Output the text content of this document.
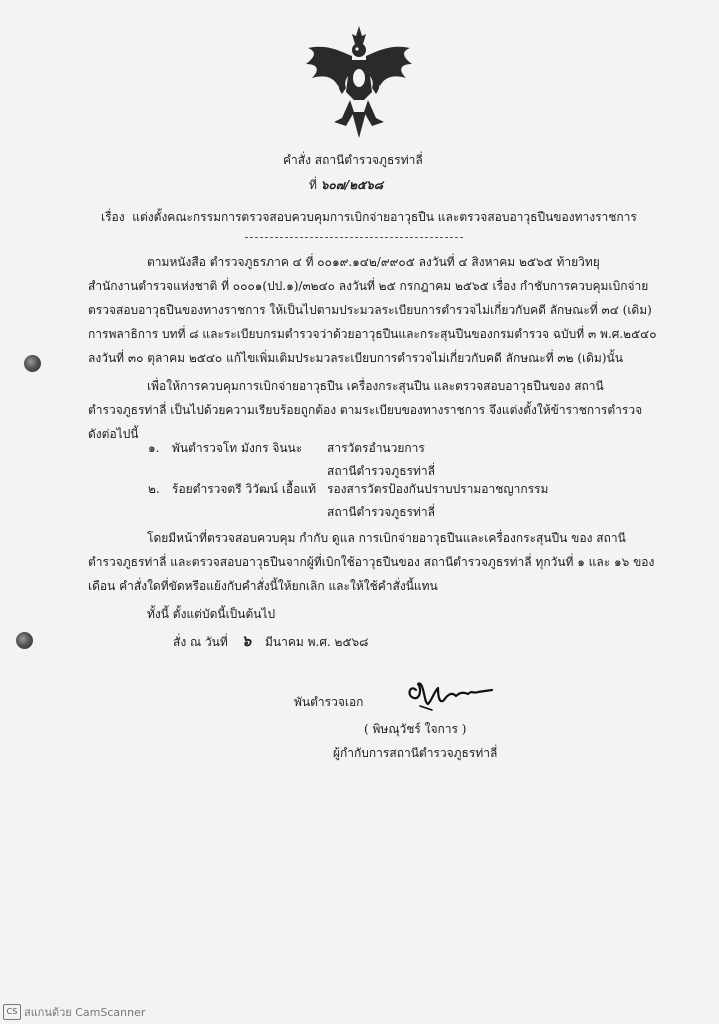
คำสั่ง สถานีตำรวจภูธรท่าลี่

ที่ ๖๐๗/๒๕๖๘
เรื่อง แต่งตั้งคณะกรรมการตรวจสอบควบคุมการเบิกจ่ายอาวุธปืน และตรวจสอบอาวุธปืนของทางราชการ

ตามหนังสือ ตำรวจภูธรภาค ๔ ที่ ๐๐๑๙.๑๔๒/๙๙๐๕ ลงวันที่ ๔ สิงหาคม ๒๕๖๕ ท้ายวิทยุ

สำนักงานตำรวจแห่งชาติ ที่ ๐๐๐๑(ปป.๑)/๓๒๔๐ ลงวันที่ ๒๕ กรกฎาคม ๒๕๖๕ เรื่อง กำชับการควบคุมเบิกจ่าย

ตรวจสอบอาวุธปืนของทางราชการ ให้เป็นไปตามประมวลระเบียบการตำรวจไม่เกี่ยวกับคดี ลักษณะที่ ๓๔ (เดิม)

การพลาธิการ บทที่ ๘ และระเบียบกรมตำรวจว่าด้วยอาวุธปืนและกระสุนปืนของกรมตำรวจ ฉบับที่ ๓ พ.ศ.๒๕๔๐

ลงวันที่ ๓๐ ตุลาคม ๒๕๔๐ แก้ไขเพิ่มเติมประมวลระเบียบการตำรวจไม่เกี่ยวกับคดี ลักษณะที่ ๓๒ (เดิม)นั้น

เพื่อให้การควบคุมการเบิกจ่ายอาวุธปืน เครื่องกระสุนปืน และตรวจสอบอาวุธปืนของ สถานี

ตำรวจภูธรท่าลี่ เป็นไปด้วยความเรียบร้อยถูกต้อง ตามระเบียบของทางราชการ จึงแต่งตั้งให้ข้าราชการตำรวจ

ดังต่อไปนี้

๑. พันตำรวจโท มังกร จินนะ สารวัตรอำนวยการ
สถานีตำรวจภูธรท่าลี่
๒. ร้อยตำรวจตรี วิวัฒน์ เอื้อแท้ รองสารวัตรป้องกันปราบปรามอาชญากรรม
สถานีตำรวจภูธรท่าลี่

โดยมีหน้าที่ตรวจสอบควบคุม กำกับ ดูแล การเบิกจ่ายอาวุธปืนและเครื่องกระสุนปืน ของ สถานี

ตำรวจภูธรท่าลี่ และตรวจสอบอาวุธปืนจากผู้ที่เบิกใช้อาวุธปืนของ สถานีตำรวจภูธรท่าลี่ ทุกวันที่ ๑ และ ๑๖ ของ

เดือน คำสั่งใดที่ขัดหรือแย้งกับคำสั่งนี้ให้ยกเลิก และให้ใช้คำสั่งนี้แทน

ทั้งนี้ ตั้งแต่บัดนี้เป็นต้นไป

สั่ง ณ วันที่ ๖ มีนาคม พ.ศ. ๒๕๖๘

พันตำรวจเอก

( พิษณุวัชร์ ใจการ )

ผู้กำกับการสถานีตำรวจภูธรท่าลี่

CS สแกนด้วย CamScanner
